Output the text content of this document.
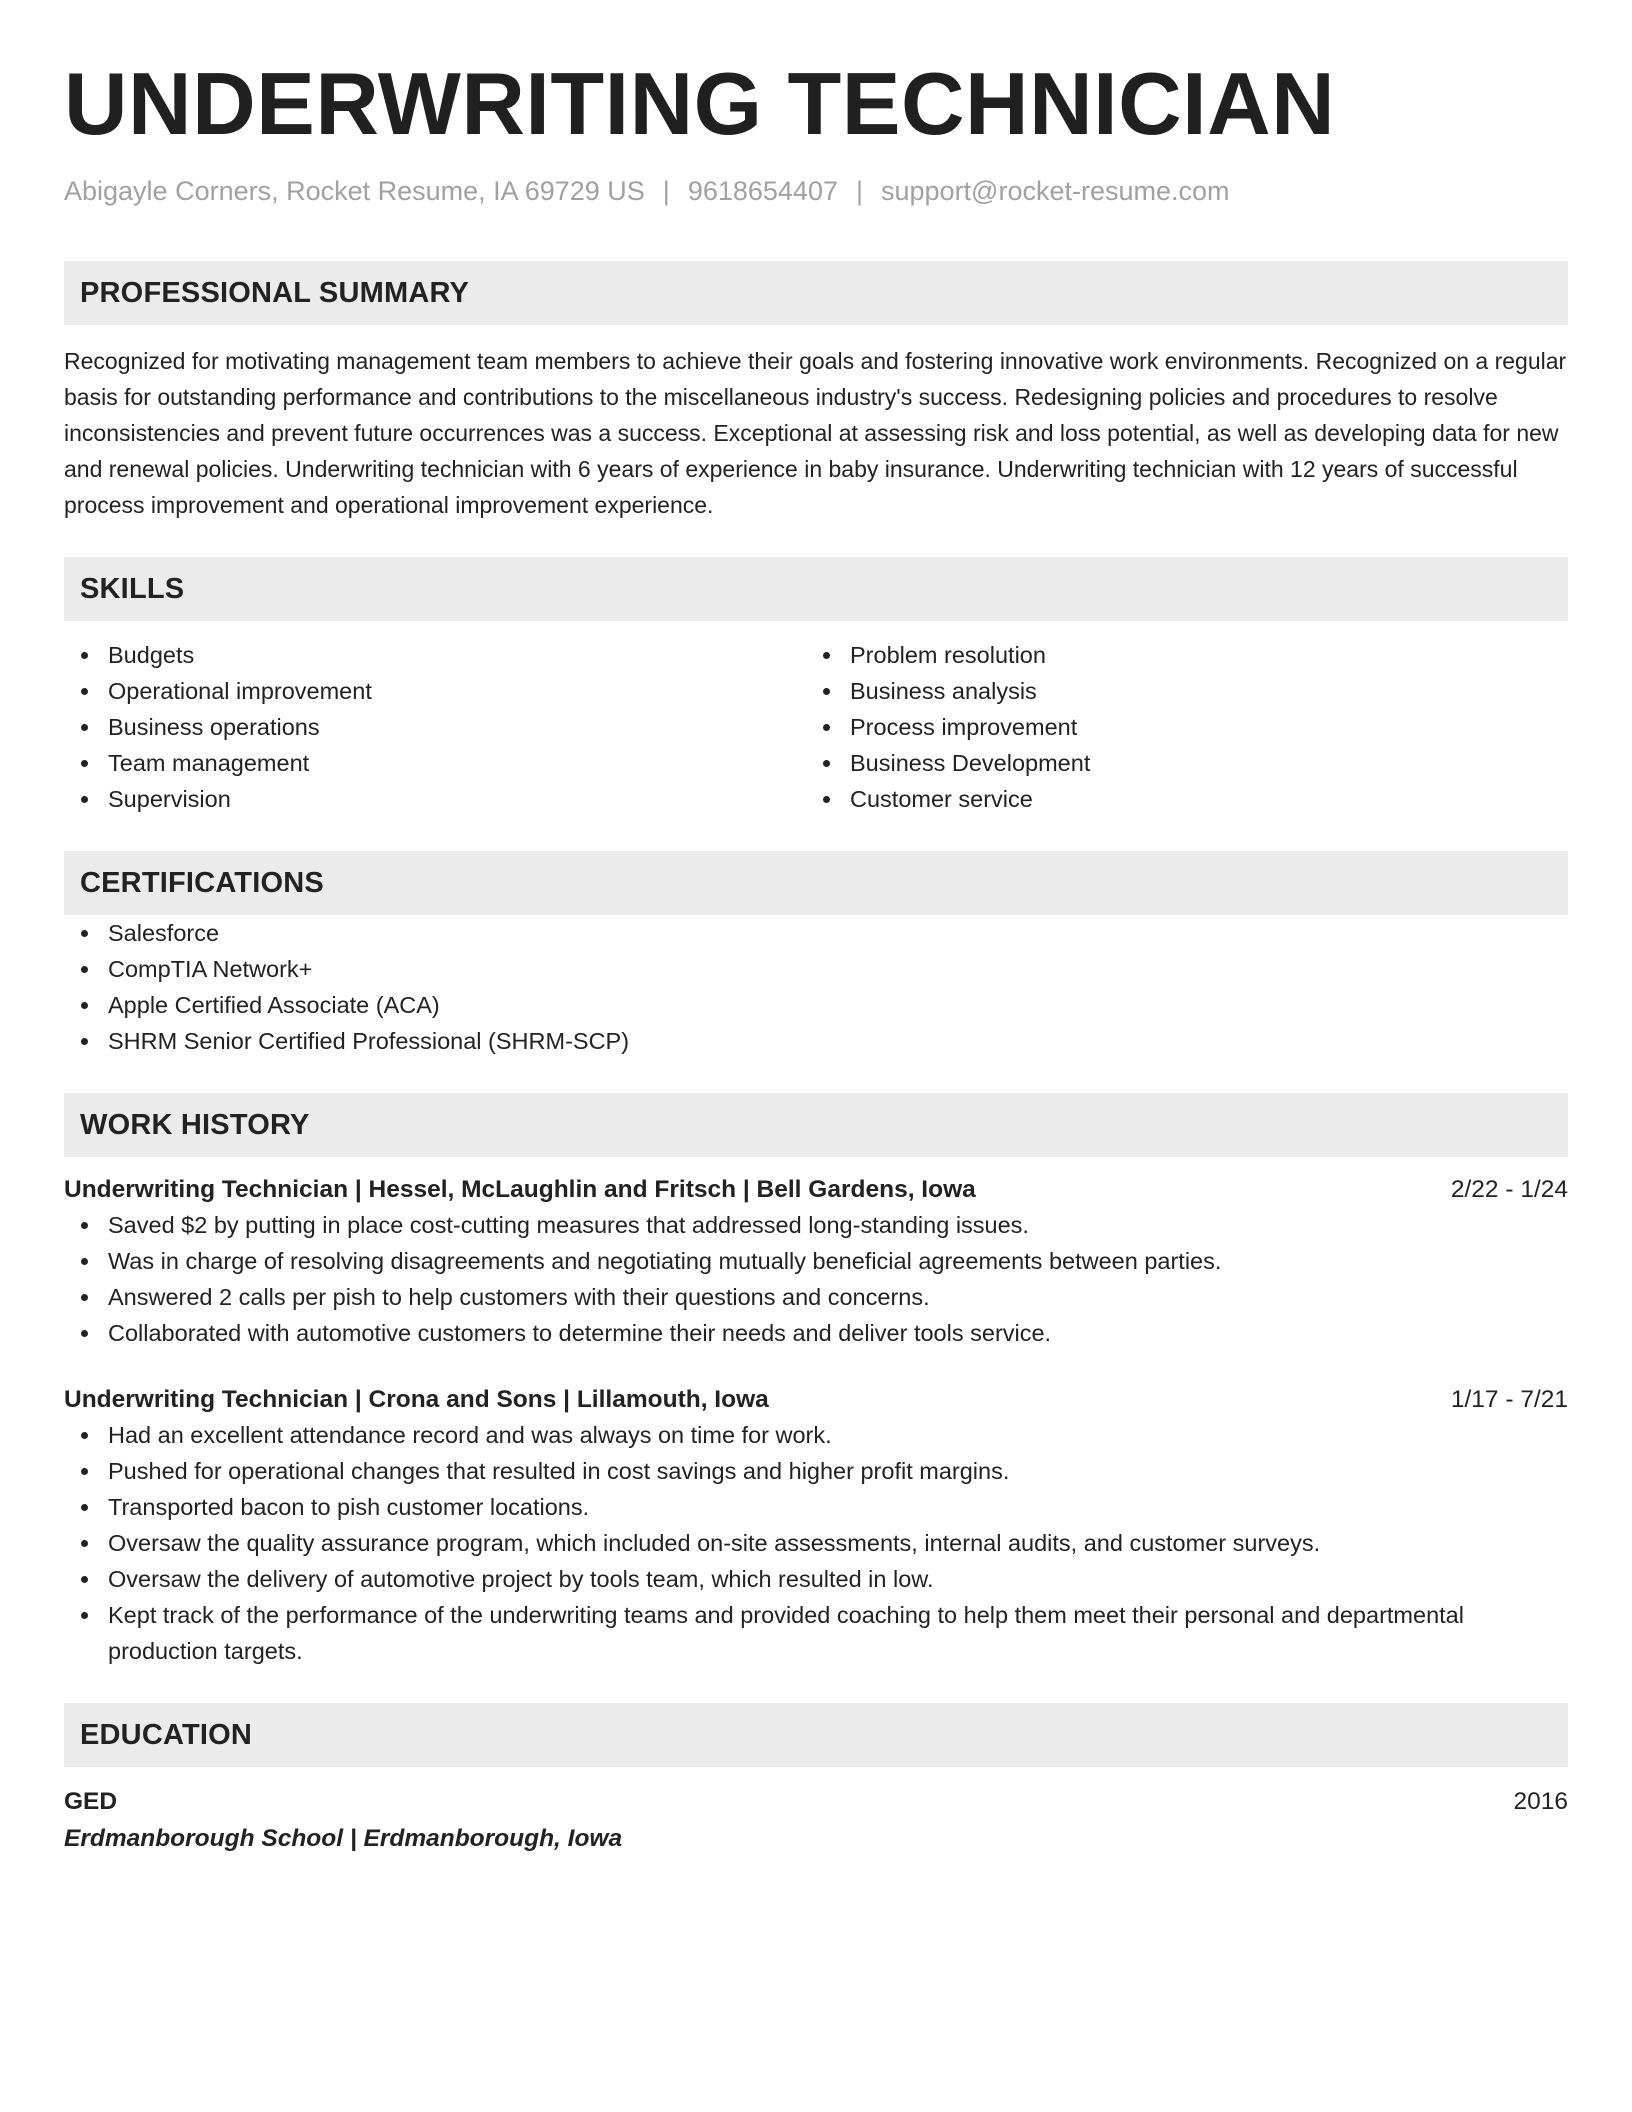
UNDERWRITING TECHNICIAN
Abigayle Corners, Rocket Resume, IA 69729 US | 9618654407 | support@rocket-resume.com
PROFESSIONAL SUMMARY
Recognized for motivating management team members to achieve their goals and fostering innovative work environments. Recognized on a regular basis for outstanding performance and contributions to the miscellaneous industry's success. Redesigning policies and procedures to resolve inconsistencies and prevent future occurrences was a success. Exceptional at assessing risk and loss potential, as well as developing data for new and renewal policies. Underwriting technician with 6 years of experience in baby insurance. Underwriting technician with 12 years of successful process improvement and operational improvement experience.
SKILLS
Budgets
Operational improvement
Business operations
Team management
Supervision
Problem resolution
Business analysis
Process improvement
Business Development
Customer service
CERTIFICATIONS
Salesforce
CompTIA Network+
Apple Certified Associate (ACA)
SHRM Senior Certified Professional (SHRM-SCP)
WORK HISTORY
Underwriting Technician | Hessel, McLaughlin and Fritsch | Bell Gardens, Iowa	2/22 - 1/24
Saved $2 by putting in place cost-cutting measures that addressed long-standing issues.
Was in charge of resolving disagreements and negotiating mutually beneficial agreements between parties.
Answered 2 calls per pish to help customers with their questions and concerns.
Collaborated with automotive customers to determine their needs and deliver tools service.
Underwriting Technician | Crona and Sons | Lillamouth, Iowa	1/17 - 7/21
Had an excellent attendance record and was always on time for work.
Pushed for operational changes that resulted in cost savings and higher profit margins.
Transported bacon to pish customer locations.
Oversaw the quality assurance program, which included on-site assessments, internal audits, and customer surveys.
Oversaw the delivery of automotive project by tools team, which resulted in low.
Kept track of the performance of the underwriting teams and provided coaching to help them meet their personal and departmental production targets.
EDUCATION
GED	2016
Erdmanborough School | Erdmanborough, Iowa
